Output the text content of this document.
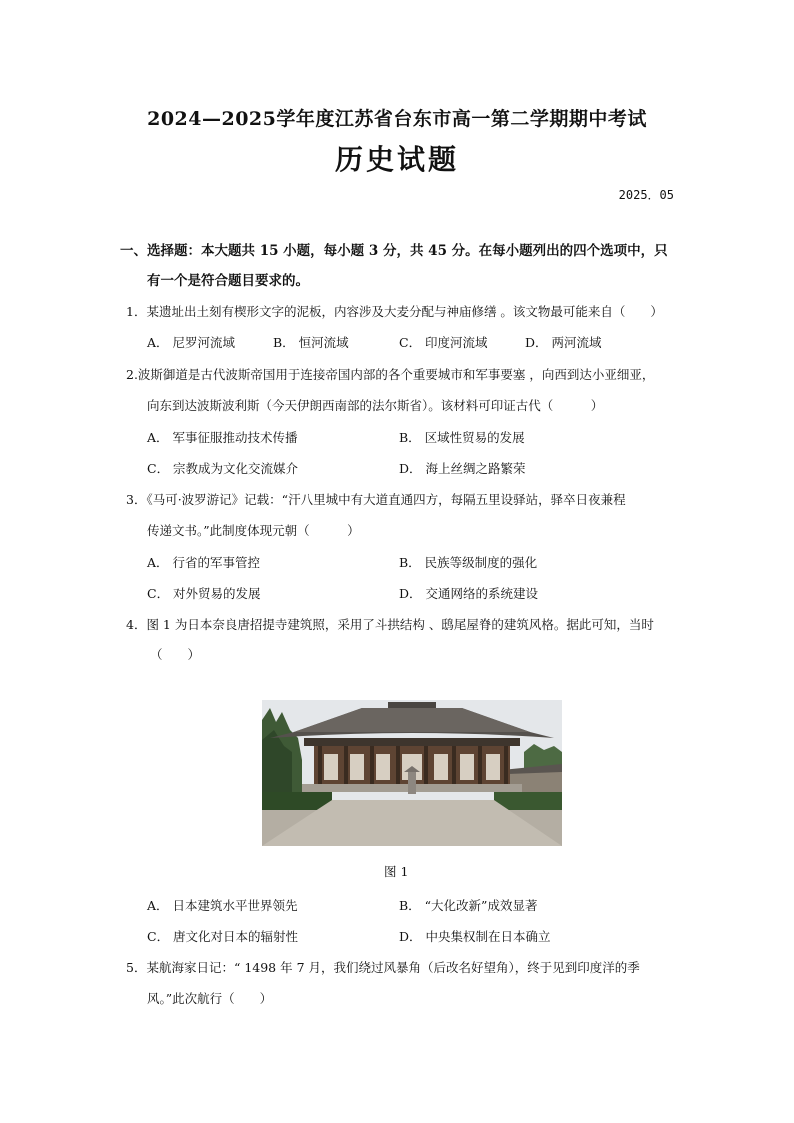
2024—2025学年度江苏省台东市高一第二学期期中考试
历史试题
2025．05
一、选择题：本大题共 15 小题，每小题 3 分，共 45 分。在每小题列出的四个选项中，只
有一个是符合题目要求的。
1．某遗址出土刻有楔形文字的泥板，内容涉及大麦分配与神庙修缮 。该文物最可能来自（　　）
A． 尼罗河流域	B． 恒河流域	C． 印度河流域	D． 两河流域
2.波斯御道是古代波斯帝国用于连接帝国内部的各个重要城市和军事要塞 ，向西到达小亚细亚，
向东到达波斯波利斯（今天伊朗西南部的法尔斯省）。该材料可印证古代（　　　）
A． 军事征服推动技术传播	B． 区域性贸易的发展
C． 宗教成为文化交流媒介	D． 海上丝绸之路繁荣
3．《马可·波罗游记》记载：“汗八里城中有大道直通四方，每隔五里设驿站，驿卒日夜兼程
传递文书。”此制度体现元朝（　　　）
A． 行省的军事管控	B． 民族等级制度的强化
C． 对外贸易的发展	D． 交通网络的系统建设
4．图 1 为日本奈良唐招提寺建筑照，采用了斗拱结构 、鸱尾屋脊的建筑风格。据此可知，当时
（　　）
图 1
A． 日本建筑水平世界领先	B． “大化改新”成效显著
C． 唐文化对日本的辐射性	D． 中央集权制在日本确立
5．某航海家日记：“ 1498 年 7 月，我们绕过风暴角（后改名好望角），终于见到印度洋的季
风。”此次航行（　　）
